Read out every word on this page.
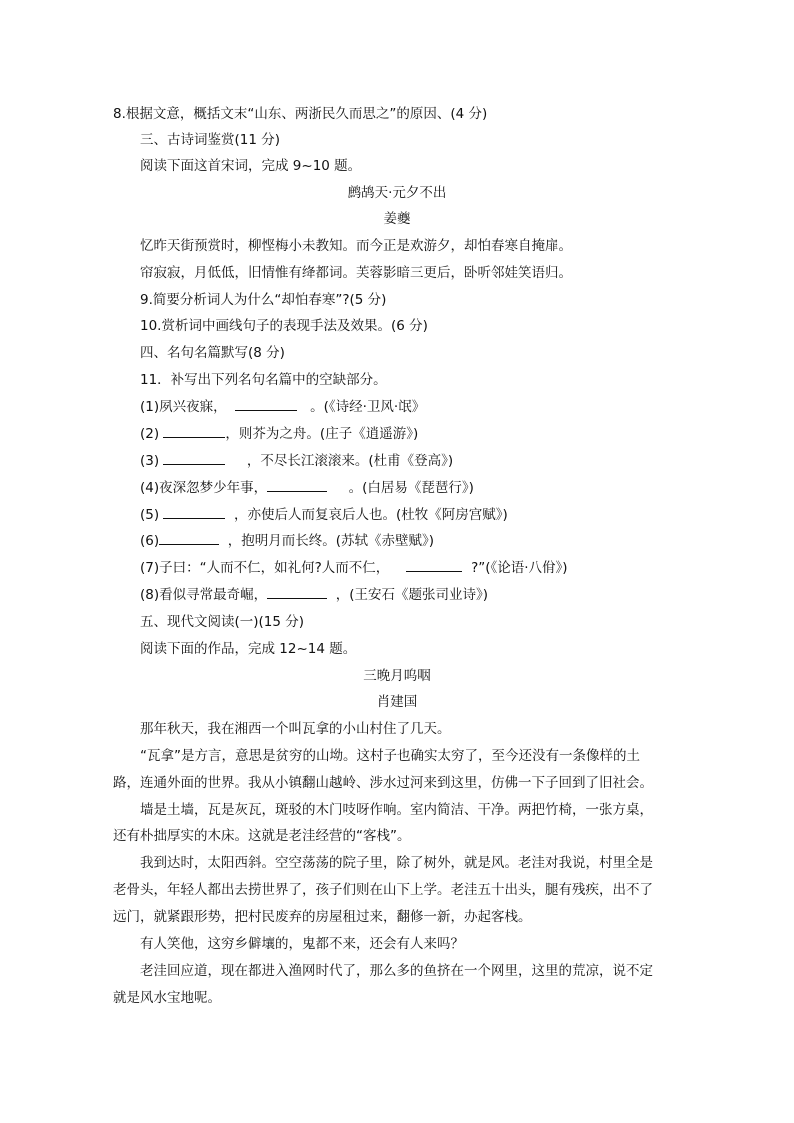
8.根据文意，概括文末“山东、两浙民久而思之”的原因、(4 分)
三、古诗词鉴赏(11 分)
阅读下面这首宋词，完成 9~10 题。
鹧鸪天·元夕不出
姜夔
忆昨天街预赏时，柳悭梅小未教知。而今正是欢游夕，却怕春寒自掩扉。
帘寂寂，月低低，旧情惟有绛都词。芙蓉影暗三更后，卧听邻娃笑语归。
9.简要分析词人为什么“却怕春寒”?(5 分)
10.赏析词中画线句子的表现手法及效果。(6 分)
四、名句名篇默写(8 分)
11．补写出下列名句名篇中的空缺部分。
(1)夙兴夜寐，	。(《诗经·卫风·氓》
(2)	，则芥为之舟。(庄子《逍遥游》)
(3)	，不尽长江滚滚来。(杜甫《登高》)
(4)夜深忽梦少年事，	。(白居易《琵琶行》)
(5)	，亦使后人而复哀后人也。(杜牧《阿房宫赋》)
(6)	，抱明月而长终。(苏轼《赤壁赋》)
(7)子曰：“人而不仁，如礼何?人而不仁，	?”(《论语·八佾》)
(8)看似寻常最奇崛，	，(王安石《题张司业诗》)
五、现代文阅读(一)(15 分)
阅读下面的作品，完成 12~14 题。
三晚月呜咽
肖建国
那年秋天，我在湘西一个叫瓦拿的小山村住了几天。
“瓦拿”是方言，意思是贫穷的山坳。这村子也确实太穷了，至今还没有一条像样的土
路，连通外面的世界。我从小镇翻山越岭、涉水过河来到这里，仿佛一下子回到了旧社会。
墙是土墙，瓦是灰瓦，斑驳的木门吱呀作响。室内简洁、干净。两把竹椅，一张方桌，
还有朴拙厚实的木床。这就是老洼经营的“客栈”。
我到达时，太阳西斜。空空荡荡的院子里，除了树外，就是风。老洼对我说，村里全是
老骨头，年轻人都出去捞世界了，孩子们则在山下上学。老洼五十出头，腿有残疾，出不了
远门，就紧跟形势，把村民废弃的房屋租过来，翻修一新，办起客栈。
有人笑他，这穷乡僻壤的，鬼都不来，还会有人来吗？
老洼回应道，现在都进入渔网时代了，那么多的鱼挤在一个网里，这里的荒凉，说不定
就是风水宝地呢。
